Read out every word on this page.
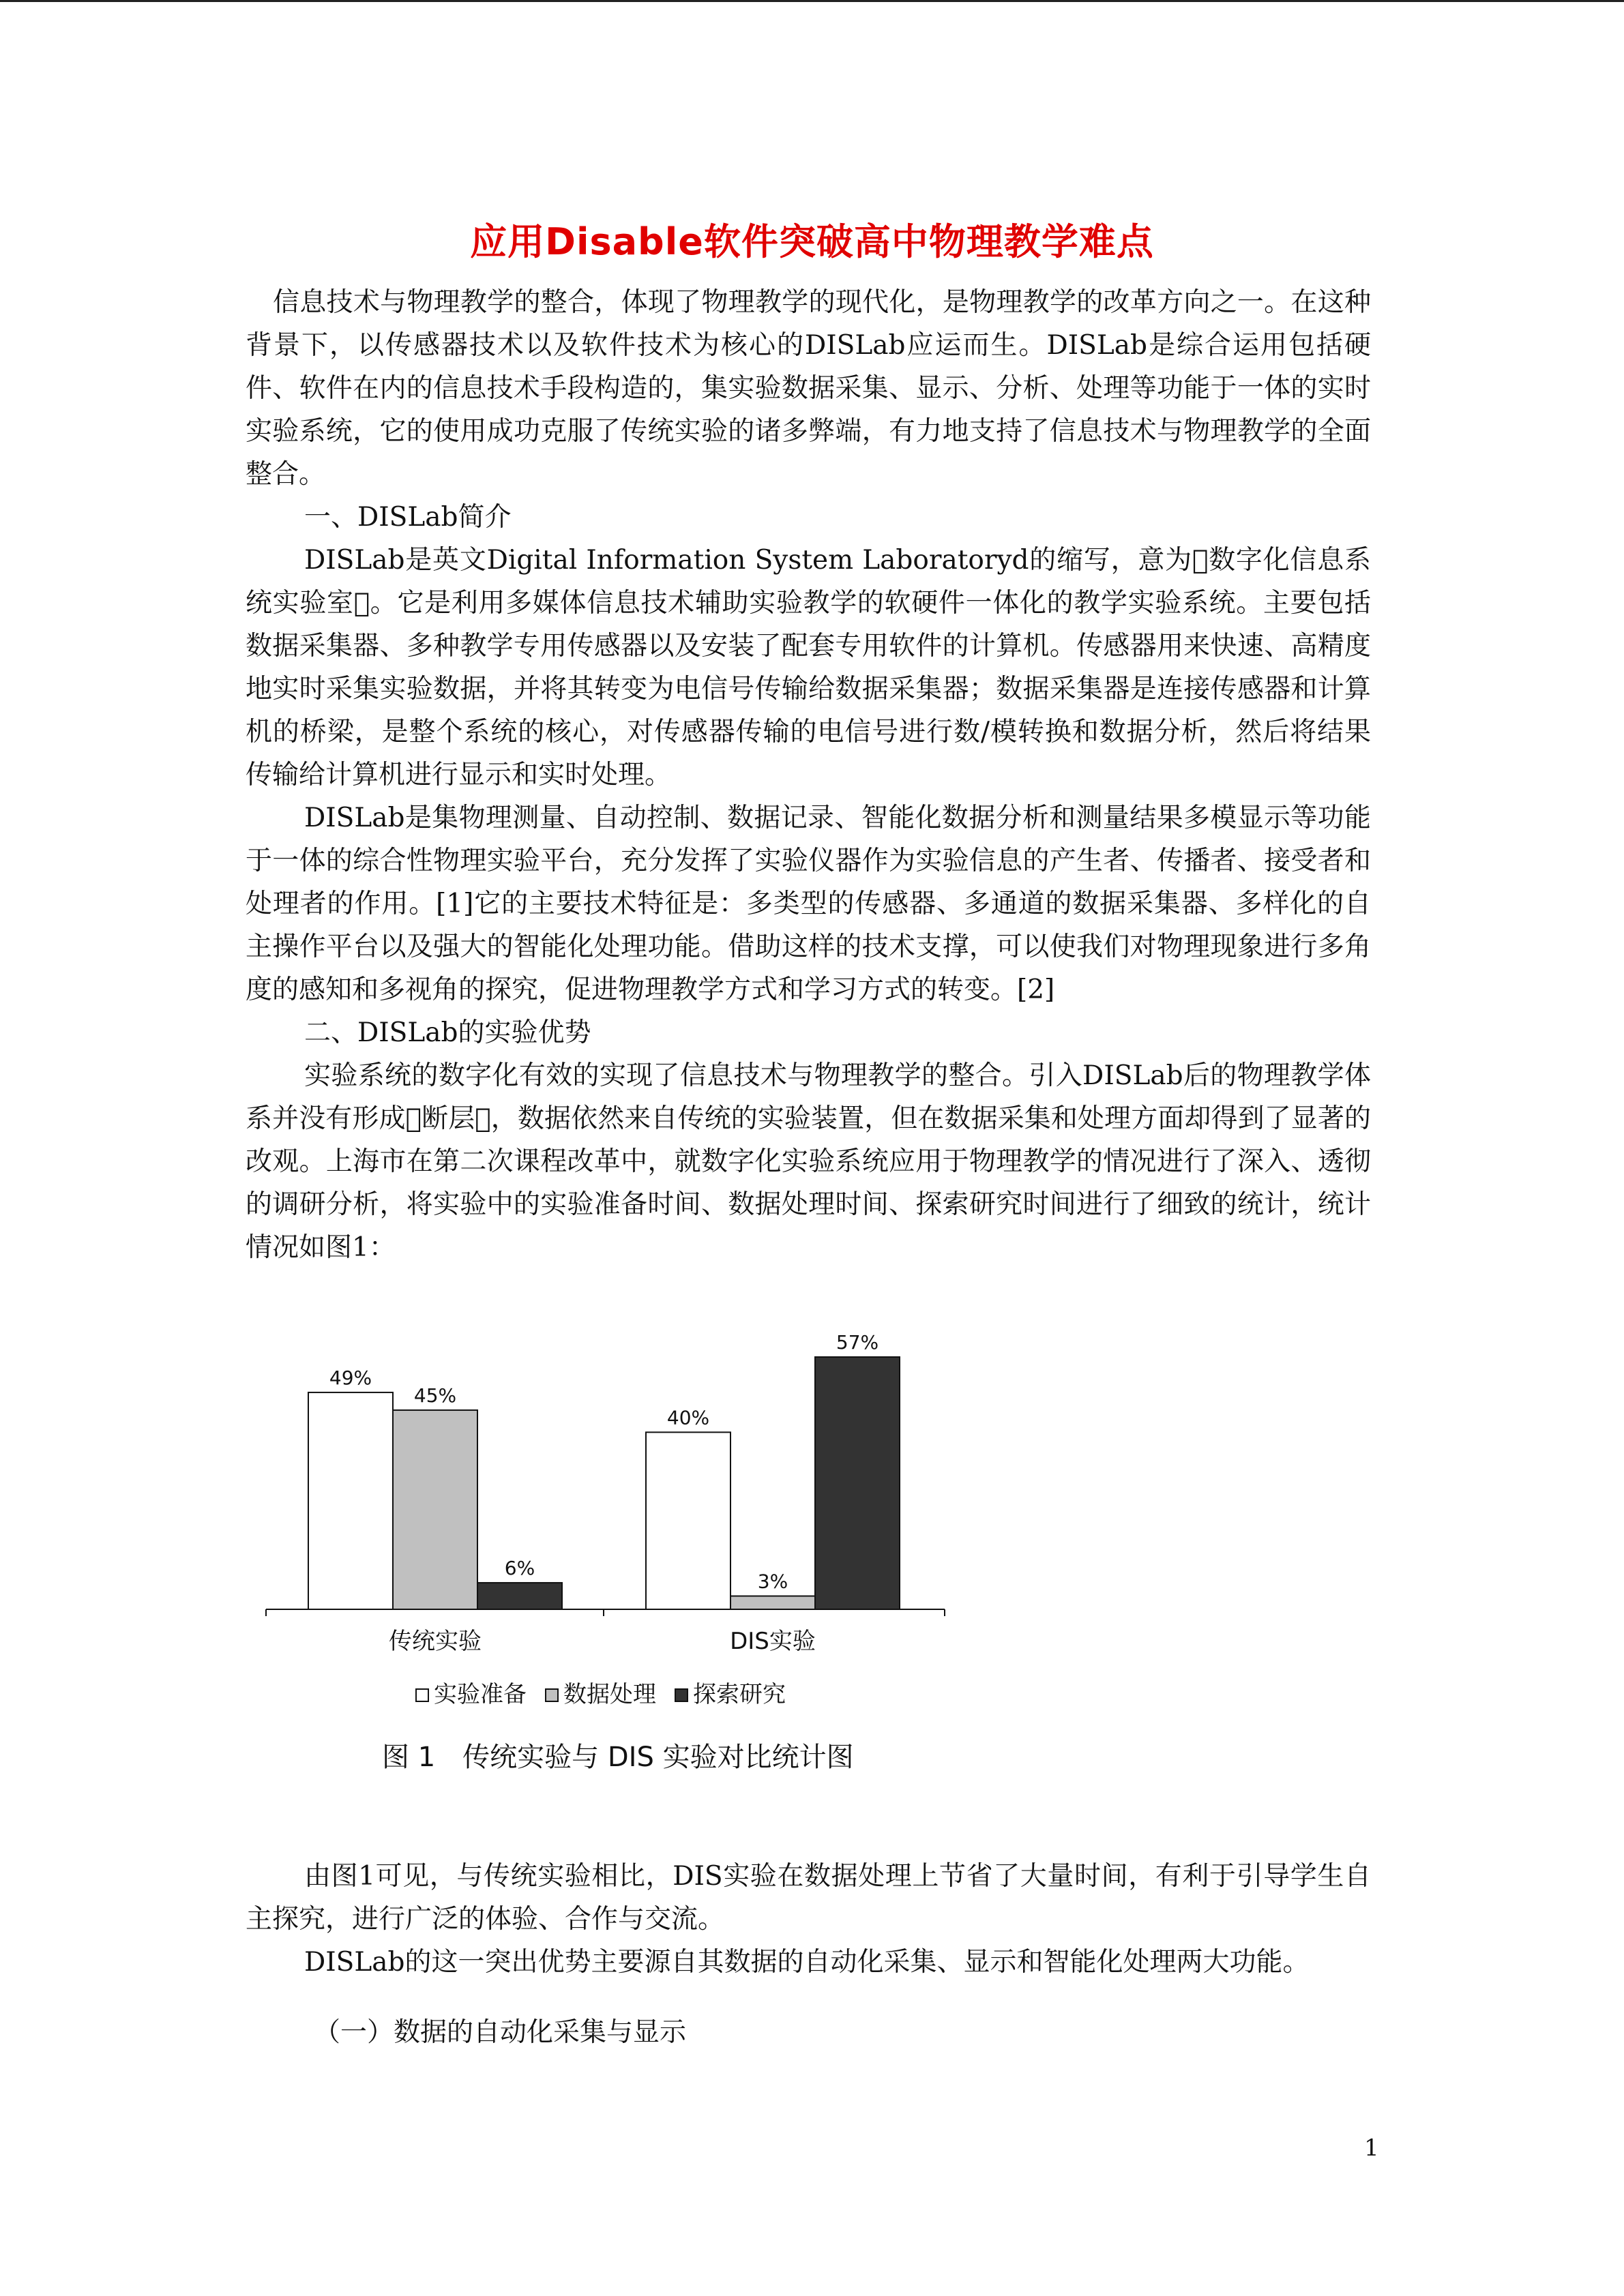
应用Disable软件突破高中物理教学难点

信息技术与物理教学的整合，体现了物理教学的现代化，是物理教学的改革方向之一。在这种背景下，以传感器技术以及软件技术为核心的DISLab应运而生。DISLab是综合运用包括硬件、软件在内的信息技术手段构造的，集实验数据采集、显示、分析、处理等功能于一体的实时实验系统，它的使用成功克服了传统实验的诸多弊端，有力地支持了信息技术与物理教学的全面整合。

一、DISLab简介

DISLab是英文Digital Information System Laboratoryd的缩写，意为 数字化信息系统实验室 。它是利用多媒体信息技术辅助实验教学的软硬件一体化的教学实验系统。主要包括数据采集器、多种教学专用传感器以及安装了配套专用软件的计算机。传感器用来快速、高精度地实时采集实验数据，并将其转变为电信号传输给数据采集器；数据采集器是连接传感器和计算机的桥梁，是整个系统的核心，对传感器传输的电信号进行数/模转换和数据分析，然后将结果传输给计算机进行显示和实时处理。

DISLab是集物理测量、自动控制、数据记录、智能化数据分析和测量结果多模显示等功能于一体的综合性物理实验平台，充分发挥了实验仪器作为实验信息的产生者、传播者、接受者和处理者的作用。[1]它的主要技术特征是：多类型的传感器、多通道的数据采集器、多样化的自主操作平台以及强大的智能化处理功能。借助这样的技术支撑，可以使我们对物理现象进行多角度的感知和多视角的探究，促进物理教学方式和学习方式的转变。[2]

二、DISLab的实验优势

实验系统的数字化有效的实现了信息技术与物理教学的整合。引入DISLab后的物理教学体系并没有形成 断层 ，数据依然来自传统的实验装置，但在数据采集和处理方面却得到了显著的改观。上海市在第二次课程改革中，就数字化实验系统应用于物理教学的情况进行了深入、透彻的调研分析，将实验中的实验准备时间、数据处理时间、探索研究时间进行了细致的统计，统计情况如图1：

49%
45%
6%
传统实验
40%
3%
57%
DIS实验
实验准备 数据处理 探索研究
图 1　传统实验与 DIS 实验对比统计图

由图1可见，与传统实验相比，DIS实验在数据处理上节省了大量时间，有利于引导学生自主探究，进行广泛的体验、合作与交流。

DISLab的这一突出优势主要源自其数据的自动化采集、显示和智能化处理两大功能。

（一）数据的自动化采集与显示

1
